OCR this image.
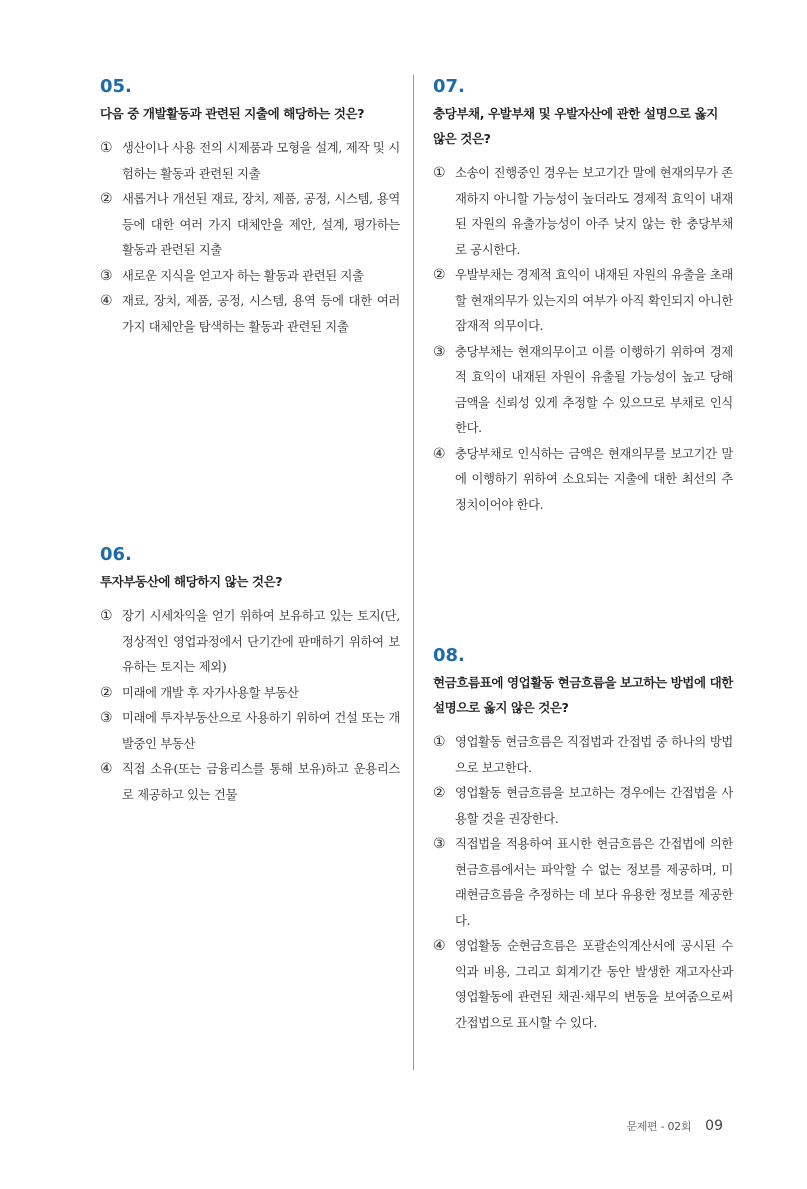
05.
다음 중 개발활동과 관련된 지출에 해당하는 것은?
① 생산이나 사용 전의 시제품과 모형을 설계, 제작 및 시험하는 활동과 관련된 지출
② 새롭거나 개선된 재료, 장치, 제품, 공정, 시스템, 용역 등에 대한 여러 가지 대체안을 제안, 설계, 평가하는 활동과 관련된 지출
③ 새로운 지식을 얻고자 하는 활동과 관련된 지출
④ 재료, 장치, 제품, 공정, 시스템, 용역 등에 대한 여러 가지 대체안을 탐색하는 활동과 관련된 지출
06.
투자부동산에 해당하지 않는 것은?
① 장기 시세차익을 얻기 위하여 보유하고 있는 토지(단, 정상적인 영업과정에서 단기간에 판매하기 위하여 보유하는 토지는 제외)
② 미래에 개발 후 자가사용할 부동산
③ 미래에 투자부동산으로 사용하기 위하여 건설 또는 개발중인 부동산
④ 직접 소유(또는 금융리스를 통해 보유)하고 운용리스로 제공하고 있는 건물
07.
충당부채, 우발부채 및 우발자산에 관한 설명으로 옳지 않은 것은?
① 소송이 진행중인 경우는 보고기간 말에 현재의무가 존재하지 아니할 가능성이 높더라도 경제적 효익이 내재된 자원의 유출가능성이 아주 낮지 않는 한 충당부채로 공시한다.
② 우발부채는 경제적 효익이 내재된 자원의 유출을 초래할 현재의무가 있는지의 여부가 아직 확인되지 아니한 잠재적 의무이다.
③ 충당부채는 현재의무이고 이를 이행하기 위하여 경제적 효익이 내재된 자원이 유출될 가능성이 높고 당해 금액을 신뢰성 있게 추정할 수 있으므로 부채로 인식한다.
④ 충당부채로 인식하는 금액은 현재의무를 보고기간 말에 이행하기 위하여 소요되는 지출에 대한 최선의 추정치이어야 한다.
08.
현금흐름표에 영업활동 현금흐름을 보고하는 방법에 대한 설명으로 옳지 않은 것은?
① 영업활동 현금흐름은 직접법과 간접법 중 하나의 방법으로 보고한다.
② 영업활동 현금흐름을 보고하는 경우에는 간접법을 사용할 것을 권장한다.
③ 직접법을 적용하여 표시한 현금흐름은 간접법에 의한 현금흐름에서는 파악할 수 없는 정보를 제공하며, 미래현금흐름을 추정하는 데 보다 유용한 정보를 제공한다.
④ 영업활동 순현금흐름은 포괄손익계산서에 공시된 수익과 비용, 그리고 회계기간 동안 발생한 재고자산과 영업활동에 관련된 채권·채무의 변동을 보여줌으로써 간접법으로 표시할 수 있다.
문제편 - 02회 09
